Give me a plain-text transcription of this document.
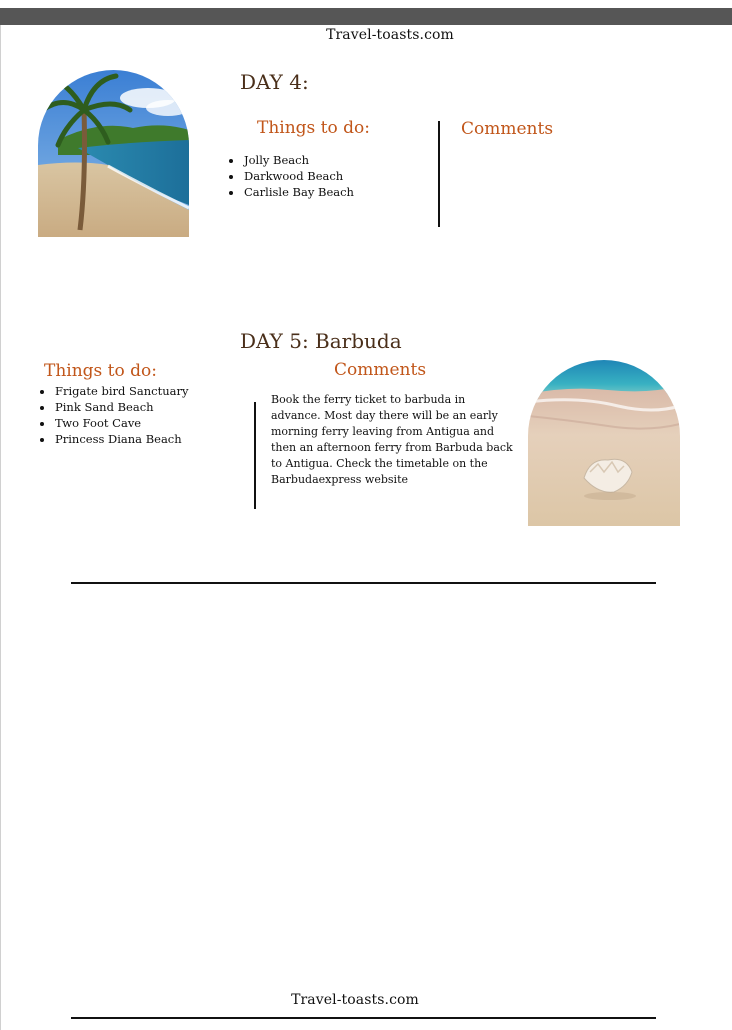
Travel-toasts.com
DAY 4:
Things to do:
• Jolly Beach
• Darkwood Beach
• Carlisle Bay Beach
Comments
DAY 5: Barbuda
Things to do:
• Frigate bird Sanctuary
• Pink Sand Beach
• Two Foot Cave
• Princess Diana Beach
Comments
Book the ferry ticket to barbuda in advance. Most day there will be an early morning ferry leaving from Antigua and then an afternoon ferry from Barbuda back to Antigua. Check the timetable on the Barbudaexpress website
Travel-toasts.com
